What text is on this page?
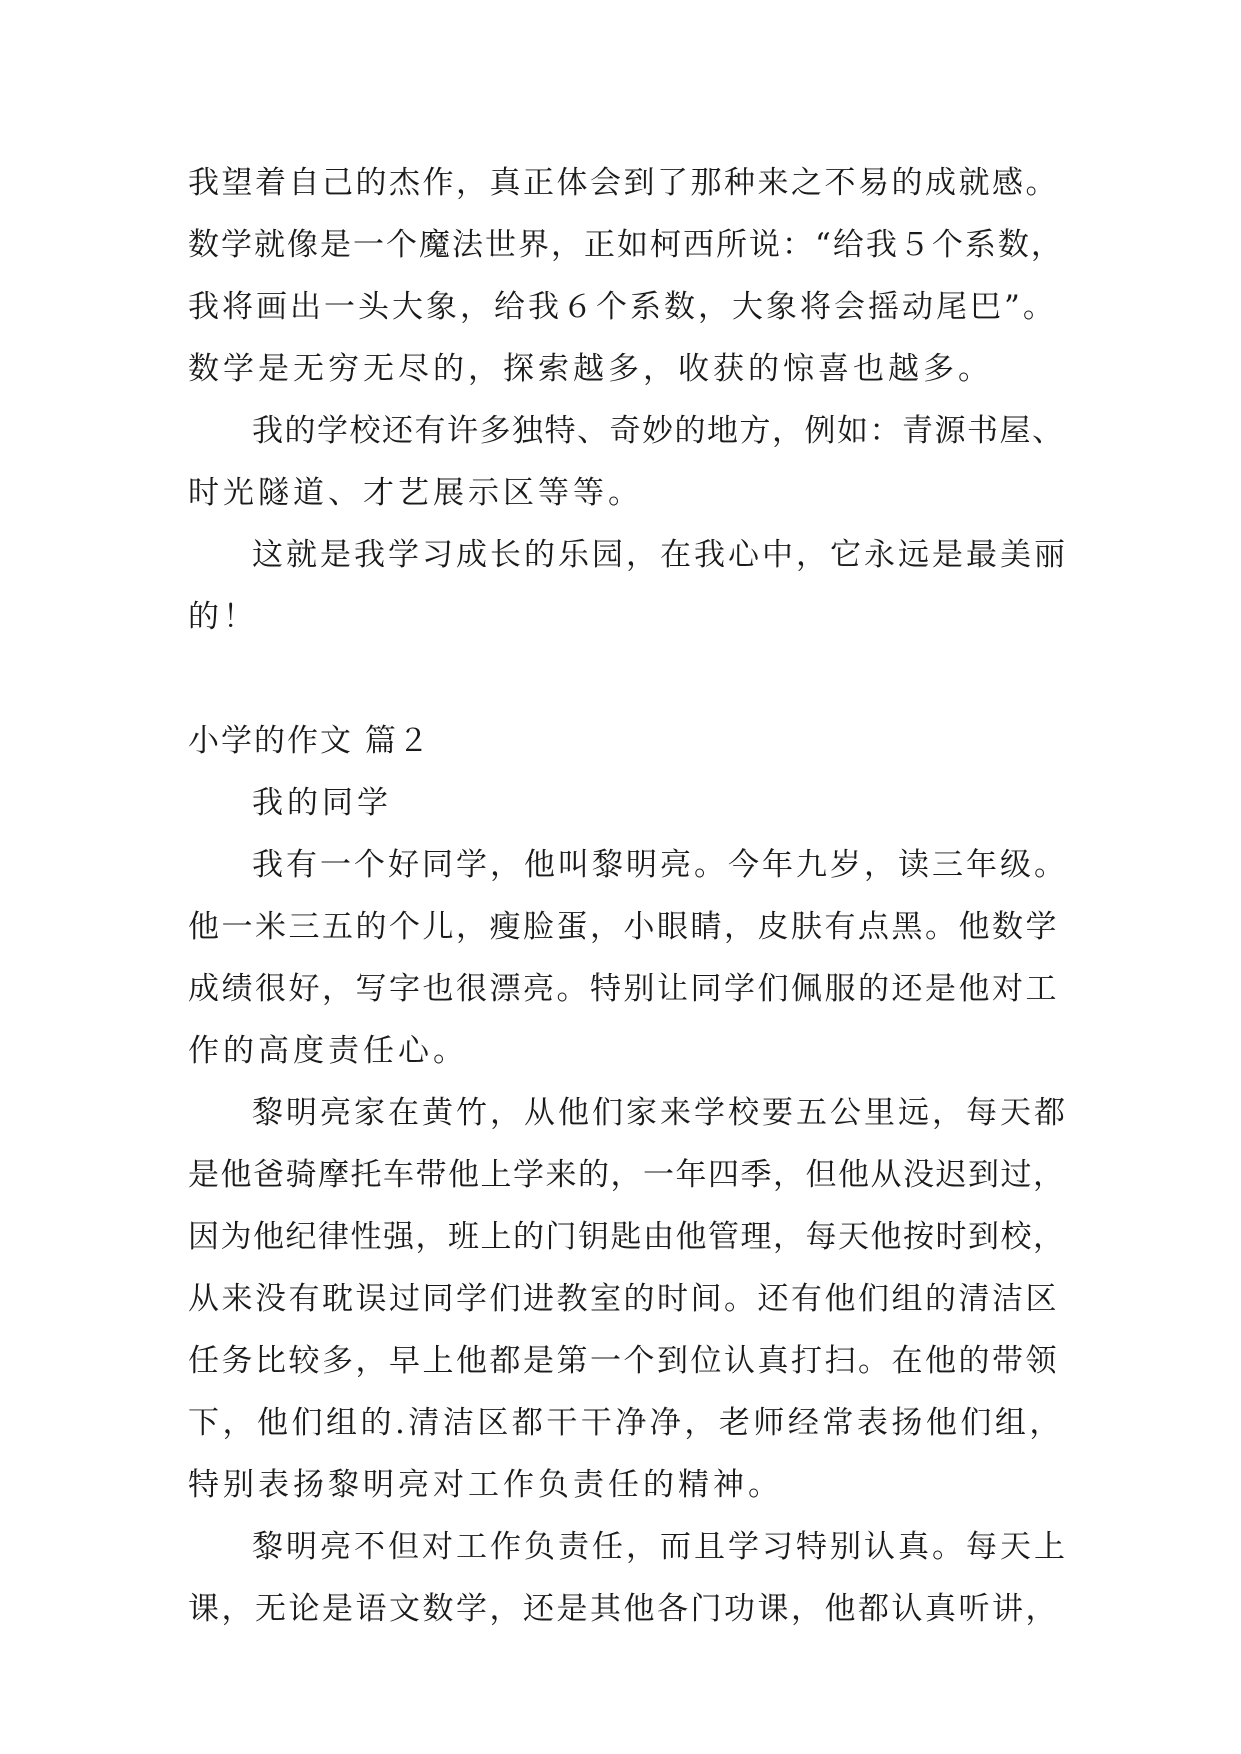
我望着自己的杰作，真正体会到了那种来之不易的成就感。
数学就像是一个魔法世界，正如柯西所说：“给我５个系数，
我将画出一头大象，给我６个系数，大象将会摇动尾巴”。
数学是无穷无尽的，探索越多，收获的惊喜也越多。
我的学校还有许多独特、奇妙的地方，例如：青源书屋、
时光隧道、才艺展示区等等。
这就是我学习成长的乐园，在我心中，它永远是最美丽
的！
小学的作文 篇２
我的同学
我有一个好同学，他叫黎明亮。今年九岁，读三年级。
他一米三五的个儿，瘦脸蛋，小眼睛，皮肤有点黑。他数学
成绩很好，写字也很漂亮。特别让同学们佩服的还是他对工
作的高度责任心。
黎明亮家在黄竹，从他们家来学校要五公里远，每天都
是他爸骑摩托车带他上学来的，一年四季，但他从没迟到过，
因为他纪律性强，班上的门钥匙由他管理，每天他按时到校，
从来没有耽误过同学们进教室的时间。还有他们组的清洁区
任务比较多，早上他都是第一个到位认真打扫。在他的带领
下，他们组的.清洁区都干干净净，老师经常表扬他们组，
特别表扬黎明亮对工作负责任的精神。
黎明亮不但对工作负责任，而且学习特别认真。每天上
课，无论是语文数学，还是其他各门功课，他都认真听讲，
